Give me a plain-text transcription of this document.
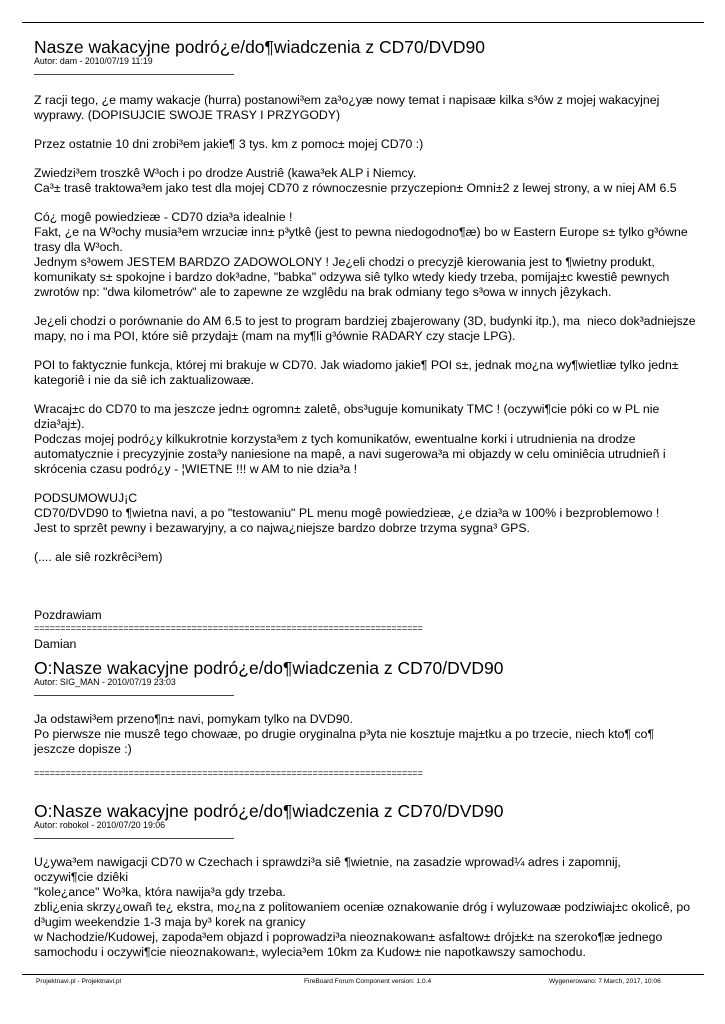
Nasze wakacyjne podró¿e/do¶wiadczenia z CD70/DVD90
Autor: dam - 2010/07/19 11:19
Z racji tego, ¿e mamy wakacje (hurra) postanowi³em za³o¿yæ nowy temat i napisaæ kilka s³ów z mojej wakacyjnej
wyprawy. (DOPISUJCIE SWOJE TRASY I PRZYGODY)
Przez ostatnie 10 dni zrobi³em jakie¶ 3 tys. km z pomoc± mojej CD70 :)
Zwiedzi³em troszkê W³och i po drodze Austriê (kawa³ek ALP i Niemcy.
Ca³± trasê traktowa³em jako test dla mojej CD70 z równoczesnie przyczepion± Omni±2 z lewej strony, a w niej AM 6.5
Có¿ mogê powiedzieæ - CD70 dzia³a idealnie !
Fakt, ¿e na W³ochy musia³em wrzuciæ inn± p³ytkê (jest to pewna niedogodno¶æ) bo w Eastern Europe s± tylko g³ówne
trasy dla W³och.
Jednym s³owem JESTEM BARDZO ZADOWOLONY ! Je¿eli chodzi o precyzjê kierowania jest to ¶wietny produkt,
komunikaty s± spokojne i bardzo dok³adne, "babka" odzywa siê tylko wtedy kiedy trzeba, pomijaj±c kwestiê pewnych
zwrotów np: "dwa kilometrów" ale to zapewne ze wzglêdu na brak odmiany tego s³owa w innych jêzykach.
Je¿eli chodzi o porównanie do AM 6.5 to jest to program bardziej zbajerowany (3D, budynki itp.), ma  nieco dok³adniejsze
mapy, no i ma POI, które siê przydaj± (mam na my¶li g³ównie RADARY czy stacje LPG).
POI to faktycznie funkcja, której mi brakuje w CD70. Jak wiadomo jakie¶ POI s±, jednak mo¿na wy¶wietliæ tylko jedn±
kategoriê i nie da siê ich zaktualizowaæ.
Wracaj±c do CD70 to ma jeszcze jedn± ogromn± zaletê, obs³uguje komunikaty TMC ! (oczywi¶cie póki co w PL nie
dzia³aj±).
Podczas mojej podró¿y kilkukrotnie korzysta³em z tych komunikatów, ewentualne korki i utrudnienia na drodze
automatycznie i precyzyjnie zosta³y naniesione na mapê, a navi sugerowa³a mi objazdy w celu ominiêcia utrudnieñ i
skrócenia czasu podró¿y - ¦WIETNE !!! w AM to nie dzia³a !
PODSUMOWUJ¡C
CD70/DVD90 to ¶wietna navi, a po "testowaniu" PL menu mogê powiedzieæ, ¿e dzia³a w 100% i bezproblemowo !
Jest to sprzêt pewny i bezawaryjny, a co najwa¿niejsze bardzo dobrze trzyma sygna³ GPS.
(.... ale siê rozkrêci³em)
Pozdrawiam
Damian
==========================================================================
O:Nasze wakacyjne podró¿e/do¶wiadczenia z CD70/DVD90
Autor: SIG_MAN - 2010/07/19 23:03
Ja odstawi³em przeno¶n± navi, pomykam tylko na DVD90.
Po pierwsze nie muszê tego chowaæ, po drugie oryginalna p³yta nie kosztuje maj±tku a po trzecie, niech kto¶ co¶
jeszcze dopisze :)
==========================================================================
O:Nasze wakacyjne podró¿e/do¶wiadczenia z CD70/DVD90
Autor: robokol - 2010/07/20 19:06
U¿ywa³em nawigacji CD70 w Czechach i sprawdzi³a siê ¶wietnie, na zasadzie wprowad¼ adres i zapomnij,
oczywi¶cie dziêki
"kole¿ance" Wo³ka, która nawija³a gdy trzeba.
zbli¿enia skrzy¿owañ te¿ ekstra, mo¿na z politowaniem oceniæ oznakowanie dróg i wyluzowaæ podziwiaj±c okolicê, po
d³ugim weekendzie 1-3 maja by³ korek na granicy
w Nachodzie/Kudowej, zapoda³em objazd i poprowadzi³a nieoznakowan± asfaltow± drój±k± na szeroko¶æ jednego
samochodu i oczywi¶cie nieoznakowan±, wylecia³em 10km za Kudow± nie napotkawszy samochodu.
Projektnavi.pl - Projektnavi.pl	FireBoard Forum Component version: 1.0.4	Wygenerowano: 7 March, 2017, 10:06
